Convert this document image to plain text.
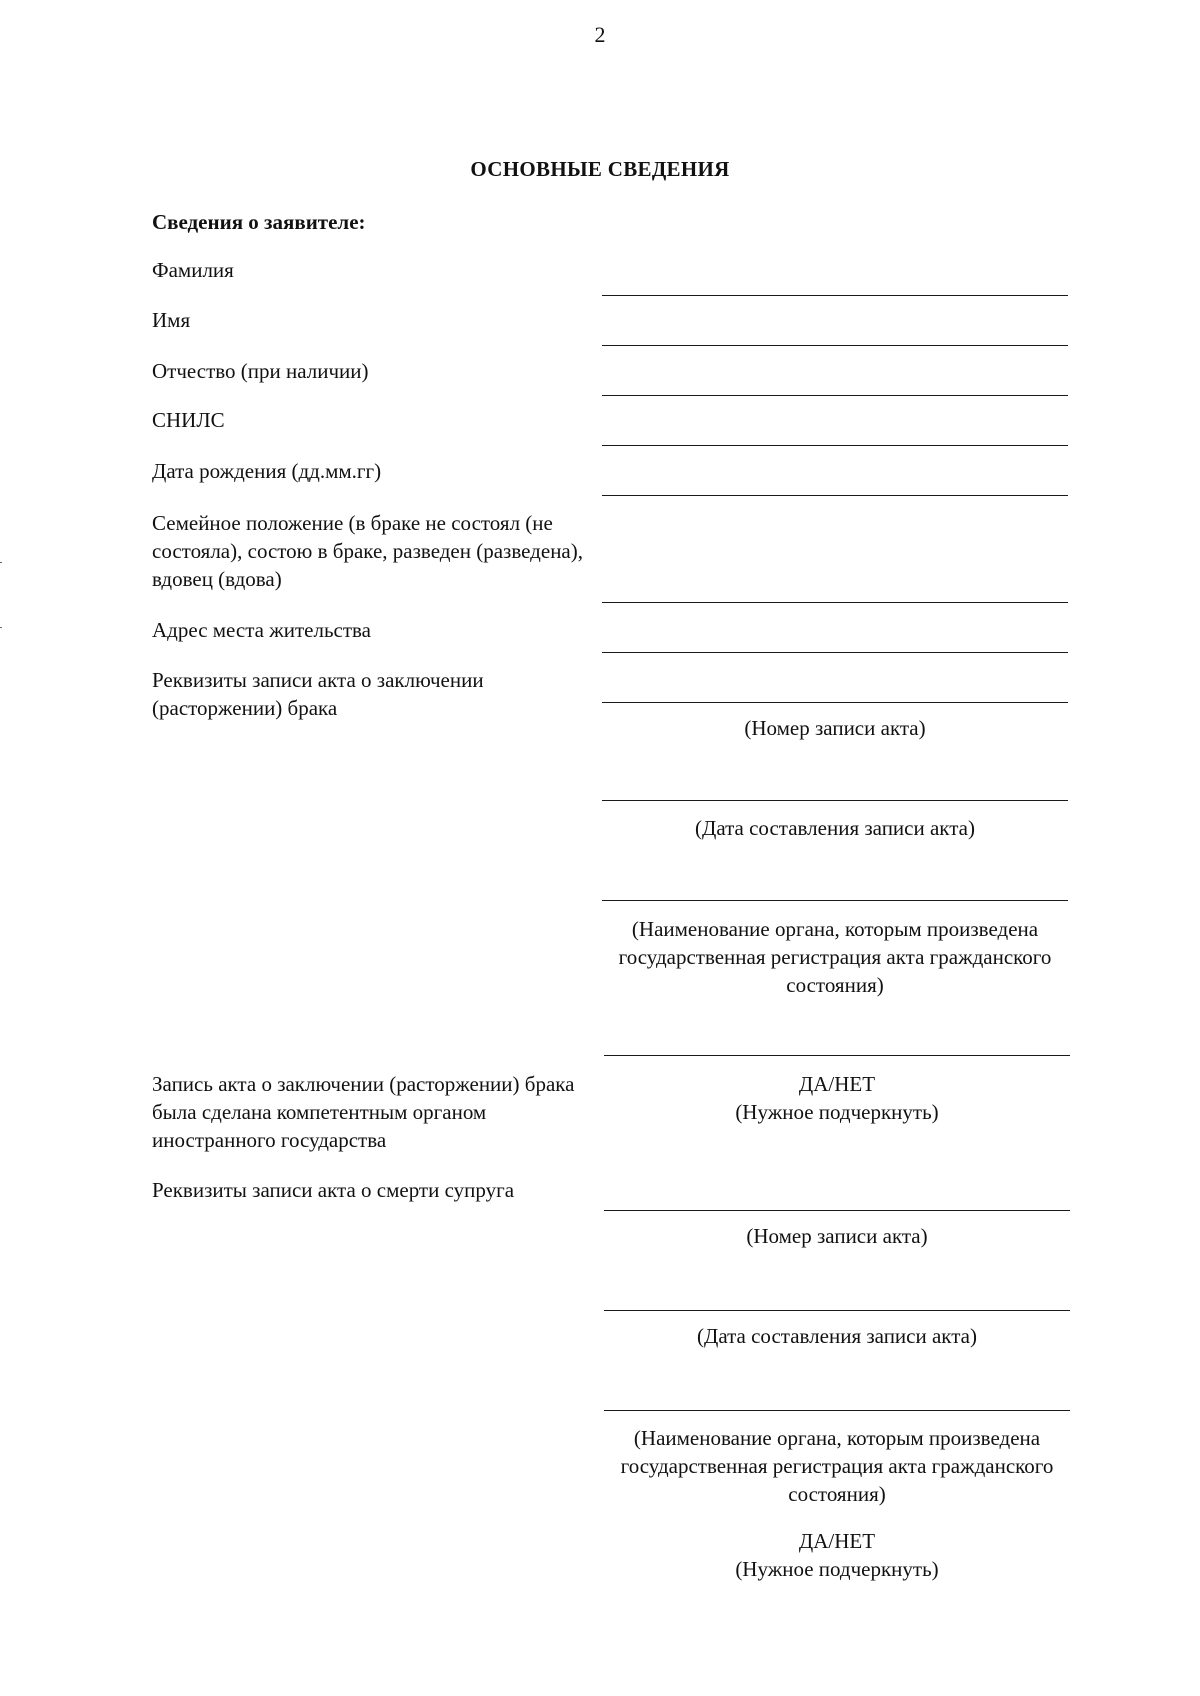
2
ОСНОВНЫЕ СВЕДЕНИЯ
Сведения о заявителе:
Фамилия
Имя
Отчество (при наличии)
СНИЛС
Дата рождения (дд.мм.гг)
Семейное положение (в браке не состоял (не состояла), состою в браке, разведен (разведена), вдовец (вдова)
Адрес места жительства
Реквизиты записи акта о заключении (расторжении) брака
(Номер записи акта)
(Дата составления записи акта)
(Наименование органа, которым произведена государственная регистрация акта гражданского состояния)
Запись акта о заключении (расторжении) брака была сделана компетентным органом иностранного государства
ДА/НЕТ
(Нужное подчеркнуть)
Реквизиты записи акта о смерти супруга
(Номер записи акта)
(Дата составления записи акта)
(Наименование органа, которым произведена государственная регистрация акта гражданского состояния)
ДА/НЕТ
(Нужное подчеркнуть)
